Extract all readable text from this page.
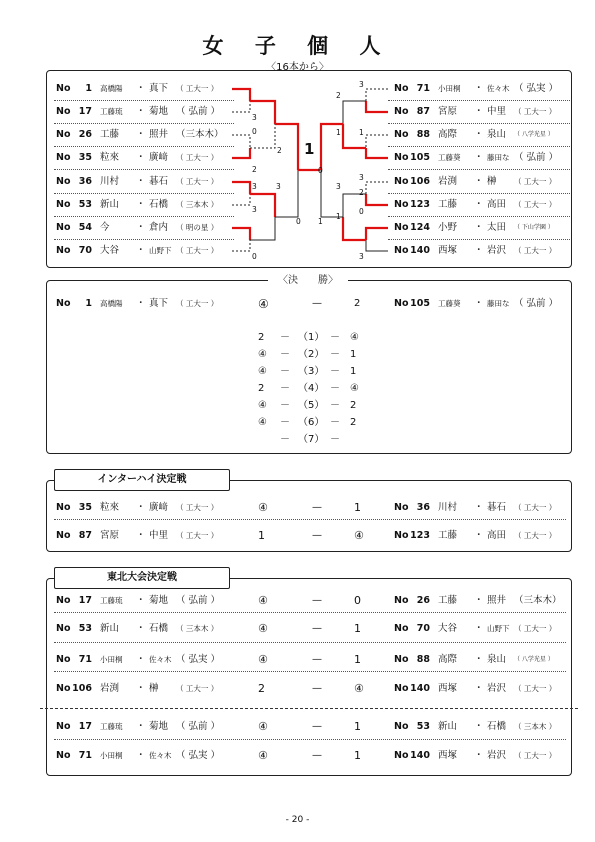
女 子 個 人
〈16本から〉
No	1 高橋陽 ・ 真下 （ 工大一 ）
No 17 工藤琉 ・ 菊地 （ 弘前 ）
No 26 工藤 ・ 照井 （三本木）
No 35 粒來 ・ 廣﨑 （ 工大一 ）
No 36 川村 ・ 碁石 （ 工大一 ）
No 53 新山 ・ 石橋 （ 三本木 ）
No 54 今	・ 倉内 （ 明の星 ）
No 70 大谷 ・ 山野下 （ 工大一 ）
No 71 小田桐 ・ 佐々木 （ 弘実 ）
No 87 宮原 ・ 中里 （ 工大一 ）
No 88 高際 ・ 泉山 （ 八学光星 ）
No 105 工藤葵 ・ 藤田な （ 弘前 ）
No 106 岩渕 ・ 榊 （ 工大一 ）
No 123 工藤 ・ 高田 （ 工大一 ）
No 124 小野 ・ 太田 （ 下山学園 ）
No 140 西塚 ・ 岩沢 （ 工大一 ）
3
0
2
3
3
0
2
3
0
3
1
3
2
0
3
2
1
3
1
0
1
1
〈決　　勝〉
No	1 高橋陽 ・ 真下 （ 工大一 ）	④	—	2	No 105 工藤葵 ・ 藤田な （ 弘前 ）
2 － （1） － ④
④ － （2） － 1
④ － （3） － 1
2 － （4） － ④
④ － （5） － 2
④ － （6） － 2
－ （7） －
インターハイ決定戦
No 35 粒來 ・ 廣﨑 （ 工大一 ）	④	—	1	No 36 川村 ・ 碁石 （ 工大一 ）
No 87 宮原 ・ 中里 （ 工大一 ）	1	—	④	No 123 工藤 ・ 高田 （ 工大一 ）
東北大会決定戦
No 17 工藤琉 ・ 菊地 （ 弘前 ）	④	—	0	No 26 工藤 ・ 照井 （三本木）
No 53 新山 ・ 石橋 （ 三本木 ）	④	—	1	No 70 大谷 ・ 山野下 （ 工大一 ）
No 71 小田桐 ・ 佐々木 （ 弘実 ）	④	—	1	No 88 高際 ・ 泉山 （ 八学光星 ）
No 106 岩渕 ・ 榊 （ 工大一 ）	2	—	④	No 140 西塚 ・ 岩沢 （ 工大一 ）
No 17 工藤琉 ・ 菊地 （ 弘前 ）	④	—	1	No 53 新山 ・ 石橋 （ 三本木 ）
No 71 小田桐 ・ 佐々木 （ 弘実 ）	④	—	1	No 140 西塚 ・ 岩沢 （ 工大一 ）
- 20 -
